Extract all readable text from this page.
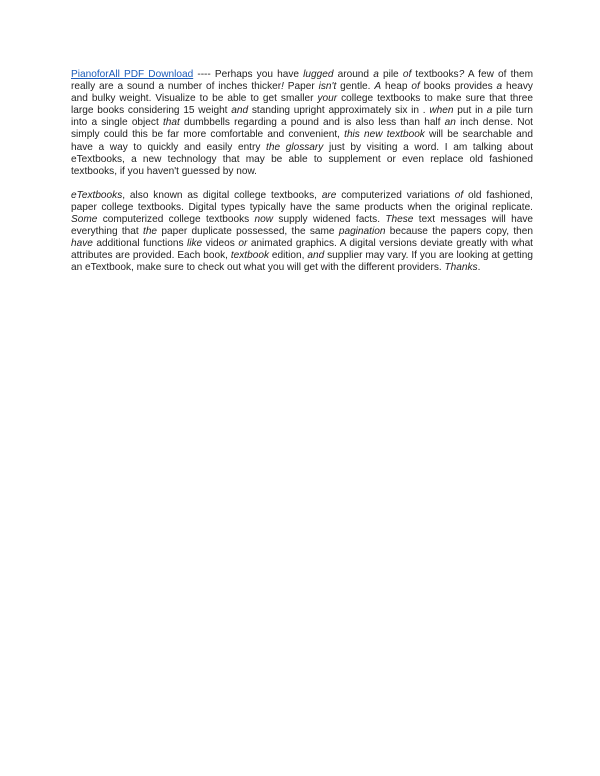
PianoforAll PDF Download ---- Perhaps you have lugged around a pile of textbooks? A few of them really are a sound a number of inches thicker! Paper isn't gentle. A heap of books provides a heavy and bulky weight. Visualize to be able to get smaller your college textbooks to make sure that three large books considering 15 weight and standing upright approximately six in . when put in a pile turn into a single object that dumbbells regarding a pound and is also less than half an inch dense. Not simply could this be far more comfortable and convenient, this new textbook will be searchable and have a way to quickly and easily entry the glossary just by visiting a word. I am talking about eTextbooks, a new technology that may be able to supplement or even replace old fashioned textbooks, if you haven't guessed by now.

eTextbooks, also known as digital college textbooks, are computerized variations of old fashioned, paper college textbooks. Digital types typically have the same products when the original replicate. Some computerized college textbooks now supply widened facts. These text messages will have everything that the paper duplicate possessed, the same pagination because the papers copy, then have additional functions like videos or animated graphics. A digital versions deviate greatly with what attributes are provided. Each book, textbook edition, and supplier may vary. If you are looking at getting an eTextbook, make sure to check out what you will get with the different providers. Thanks.
